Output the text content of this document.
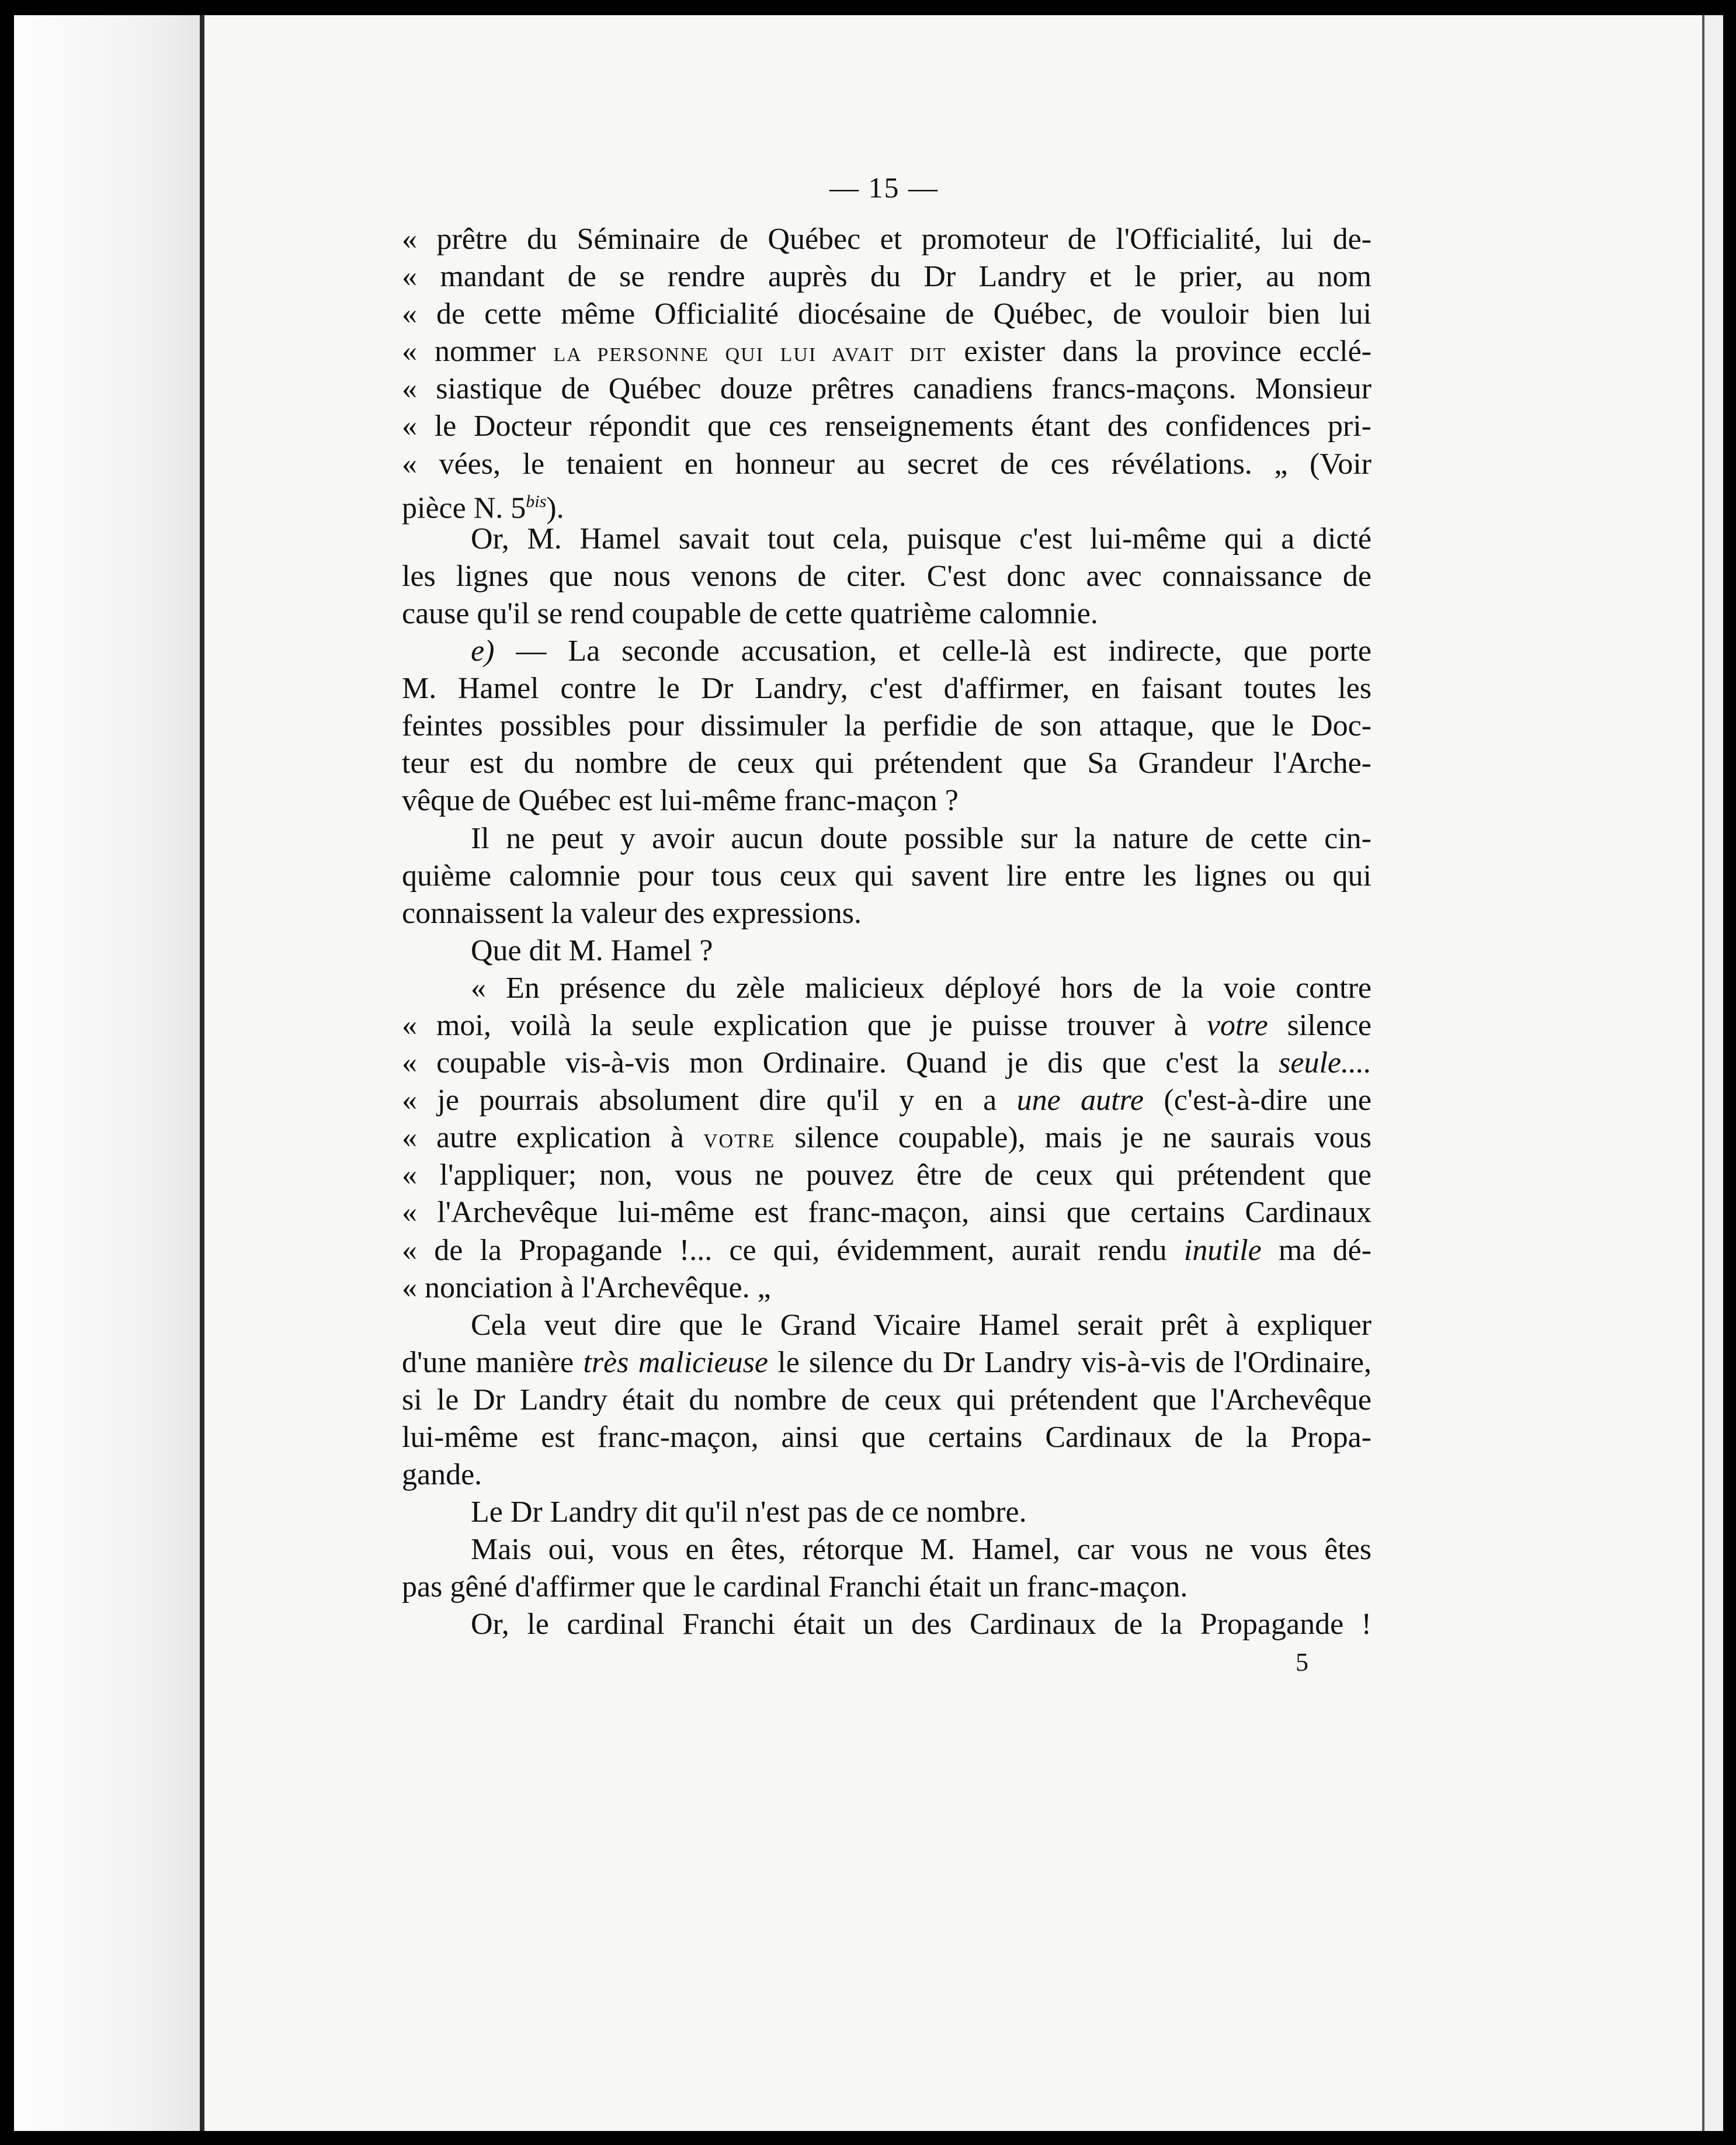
— 15 —
« prêtre du Séminaire de Québec et promoteur de l'Officialité, lui de-
« mandant de se rendre auprès du Dr Landry et le prier, au nom
« de cette même Officialité diocésaine de Québec, de vouloir bien lui
« nommer LA PERSONNE QUI LUI AVAIT DIT exister dans la province ecclé-
« siastique de Québec douze prêtres canadiens francs-maçons. Monsieur
« le Docteur répondit que ces renseignements étant des confidences pri-
« vées, le tenaient en honneur au secret de ces révélations. „ (Voir
pièce N. $5^{bis}$).
Or, M. Hamel savait tout cela, puisque c'est lui-même qui a dicté
les lignes que nous venons de citer. C'est donc avec connaissance de
cause qu'il se rend coupable de cette quatrième calomnie.
e) — La seconde accusation, et celle-là est indirecte, que porte
M. Hamel contre le Dr Landry, c'est d'affirmer, en faisant toutes les
feintes possibles pour dissimuler la perfidie de son attaque, que le Doc-
teur est du nombre de ceux qui prétendent que Sa Grandeur l'Arche-
vêque de Québec est lui-même franc-maçon ?
Il ne peut y avoir aucun doute possible sur la nature de cette cin-
quième calomnie pour tous ceux qui savent lire entre les lignes ou qui
connaissent la valeur des expressions.
Que dit M. Hamel ?
« En présence du zèle malicieux déployé hors de la voie contre
« moi, voilà la seule explication que je puisse trouver à votre silence
« coupable vis-à-vis mon Ordinaire. Quand je dis que c'est la seule....
« je pourrais absolument dire qu'il y en a une autre (c'est-à-dire une
« autre explication à VOTRE silence coupable), mais je ne saurais vous
« l'appliquer; non, vous ne pouvez être de ceux qui prétendent que
« l'Archevêque lui-même est franc-maçon, ainsi que certains Cardinaux
« de la Propagande !... ce qui, évidemment, aurait rendu inutile ma dé-
« nonciation à l'Archevêque. „
Cela veut dire que le Grand Vicaire Hamel serait prêt à expliquer
d'une manière très malicieuse le silence du Dr Landry vis-à-vis de l'Ordinaire,
si le Dr Landry était du nombre de ceux qui prétendent que l'Archevêque
lui-même est franc-maçon, ainsi que certains Cardinaux de la Propa-
gande.
Le Dr Landry dit qu'il n'est pas de ce nombre.
Mais oui, vous en êtes, rétorque M. Hamel, car vous ne vous êtes
pas gêné d'affirmer que le cardinal Franchi était un franc-maçon.
Or, le cardinal Franchi était un des Cardinaux de la Propagande !
5
